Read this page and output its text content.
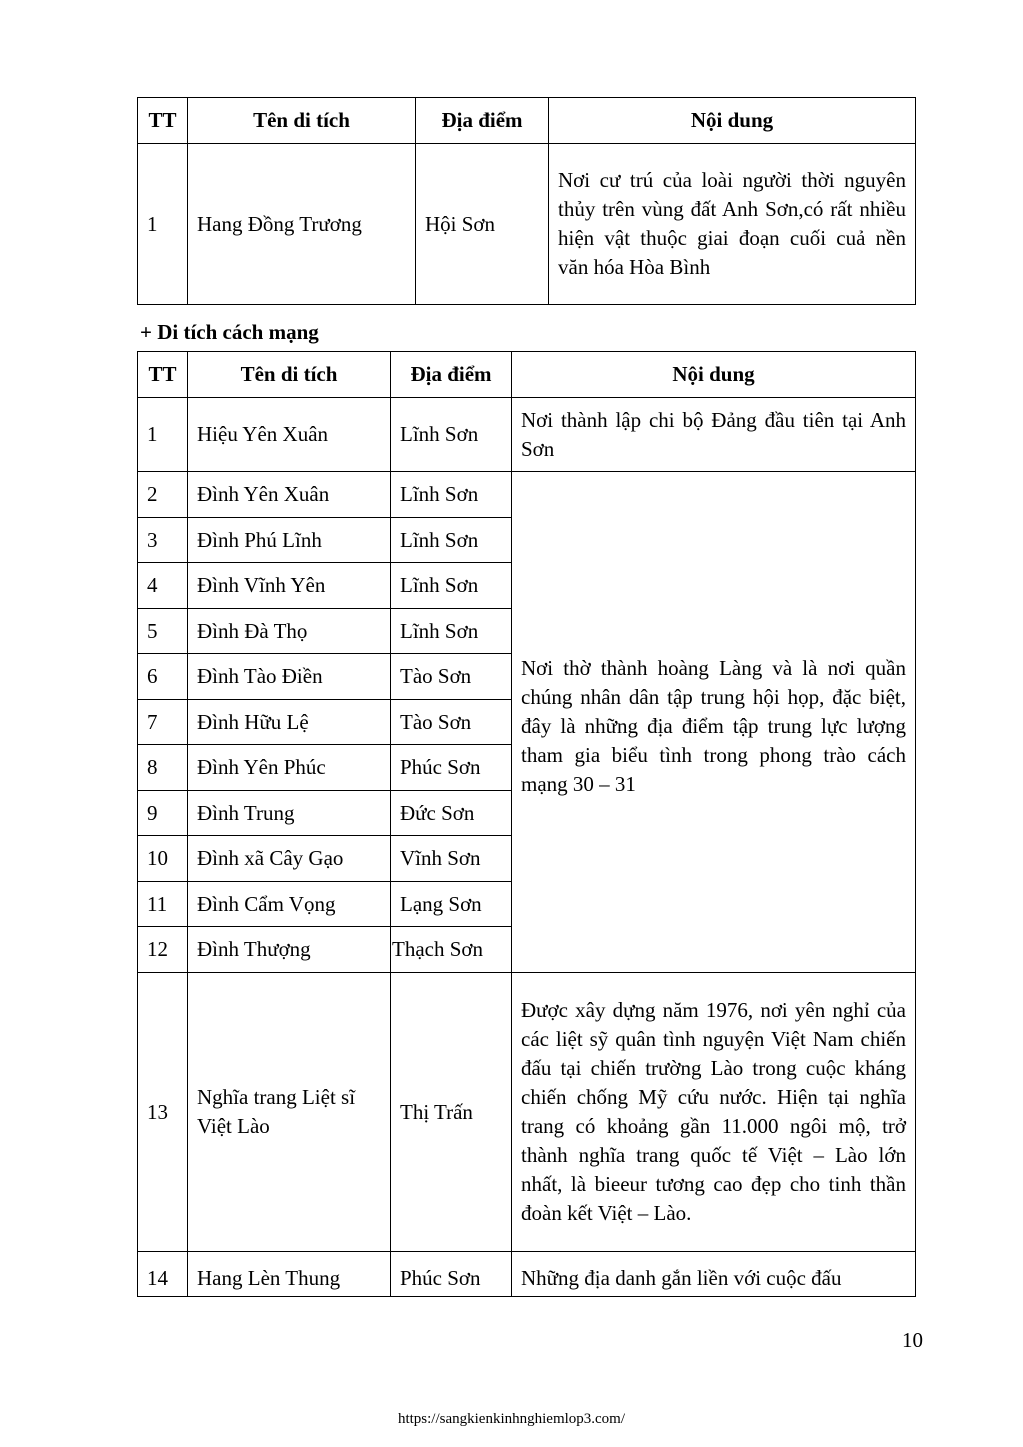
TT	Tên di tích	Địa điểm	Nội dung
1	Hang Đồng Trương	Hội Sơn	Nơi cư trú của loài người thời nguyên thủy trên vùng đất Anh Sơn,có rất nhiều hiện vật thuộc giai đoạn cuối cuả nền văn hóa Hòa Bình

+ Di tích cách mạng

TT	Tên di tích	Địa điểm	Nội dung
1	Hiệu Yên Xuân	Lĩnh Sơn	Nơi thành lập chi bộ Đảng đầu tiên tại Anh Sơn
2	Đình Yên Xuân	Lĩnh Sơn	Nơi thờ thành hoàng Làng và là nơi quần chúng nhân dân tập trung hội họp, đặc biệt, đây là những địa điểm tập trung lực lượng tham gia biểu tình trong phong trào cách mạng 30 – 31
3	Đình Phú Lĩnh	Lĩnh Sơn	
4	Đình Vĩnh Yên	Lĩnh Sơn	
5	Đình Đà Thọ	Lĩnh Sơn	
6	Đình Tào Điền	Tào Sơn	
7	Đình Hữu Lệ	Tào Sơn	
8	Đình Yên Phúc	Phúc Sơn	
9	Đình Trung	Đức Sơn	
10	Đình xã Cây Gạo	Vĩnh Sơn	
11	Đình Cẩm Vọng	Lạng Sơn	
12	Đình Thượng	Thạch Sơn	
13	Nghĩa trang Liệt sĩ Việt Lào	Thị Trấn	Được xây dựng năm 1976, nơi yên nghỉ của các liệt sỹ quân tình nguyện Việt Nam chiến đấu tại chiến trường Lào trong cuộc kháng chiến chống Mỹ cứu nước. Hiện tại nghĩa trang có khoảng gần 11.000 ngôi mộ, trở thành nghĩa trang quốc tế Việt – Lào lớn nhất, là bieeur tương cao đẹp cho tinh thần đoàn kết Việt – Lào.
14	Hang Lèn Thung	Phúc Sơn	Những địa danh gắn liền với cuộc đấu
10
https://sangkienkinhnghiemlop3.com/
